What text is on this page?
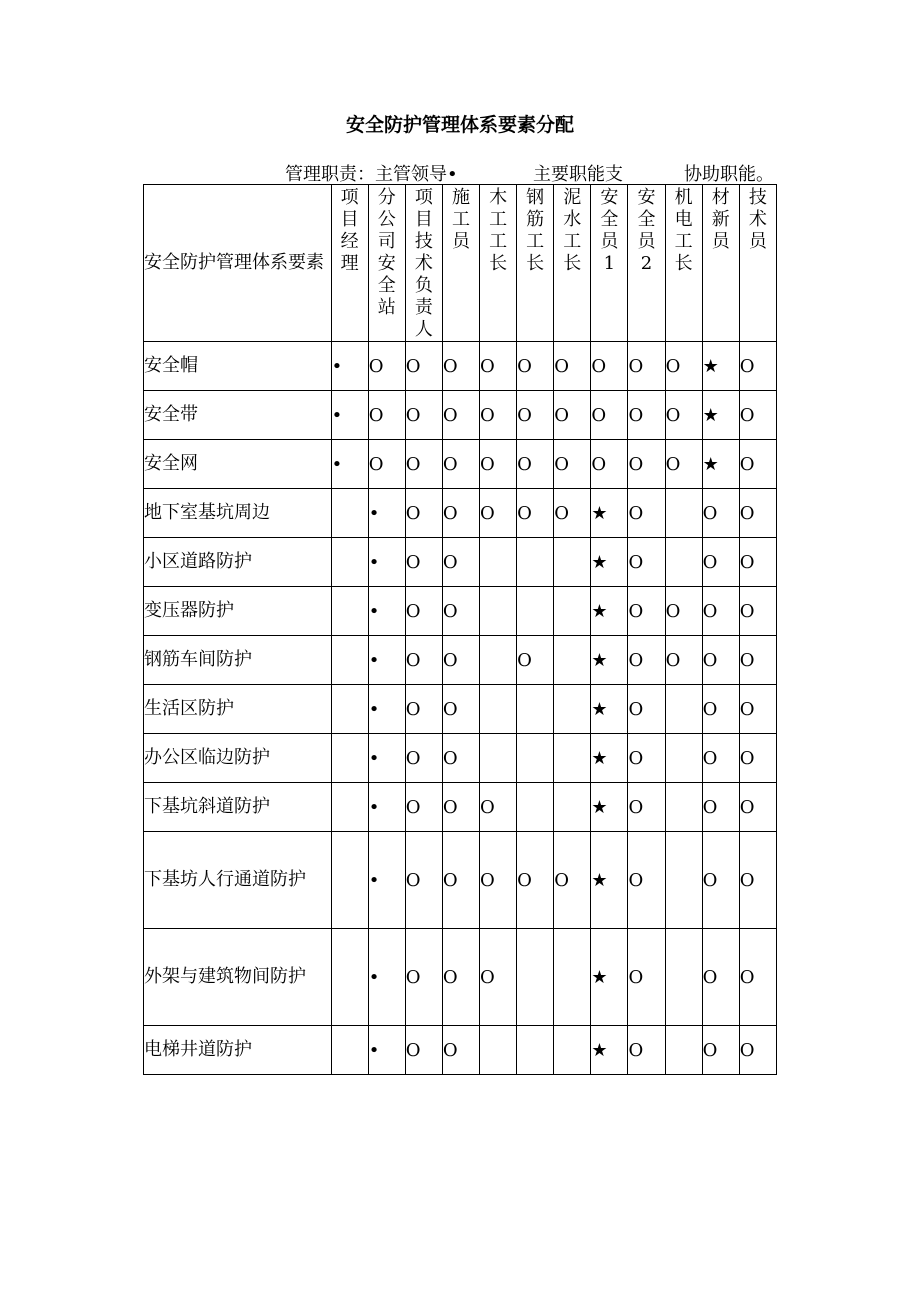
安全防护管理体系要素分配
管理职责：主管领导•	主要职能支	协助职能。
安全防护管理体系要素	项目经理	分公司安全站	项目技术负责人	施工员	木工工长	钢筋工长	泥水工长	安全员1	安全员2	机电工长	材新员	技术员

安全帽	•	O	O	O	O	O	O	O	O	O	★	O
安全带	•	O	O	O	O	O	O	O	O	O	★	O
安全网	•	O	O	O	O	O	O	O	O	O	★	O
地下室基坑周边		•	O	O	O	O	O	★	O		O	O
小区道路防护		•	O	O				★	O		O	O
变压器防护		•	O	O				★	O	O	O	O
钢筋车间防护		•	O	O		O		★	O	O	O	O
生活区防护		•	O	O				★	O		O	O
办公区临边防护		•	O	O				★	O		O	O
下基坑斜道防护		•	O	O	O			★	O		O	O
下基坊人行通道防护		•	O	O	O	O	O	★	O		O	O
外架与建筑物间防护		•	O	O	O			★	O		O	O
电梯井道防护		•	O	O				★	O		O	O
